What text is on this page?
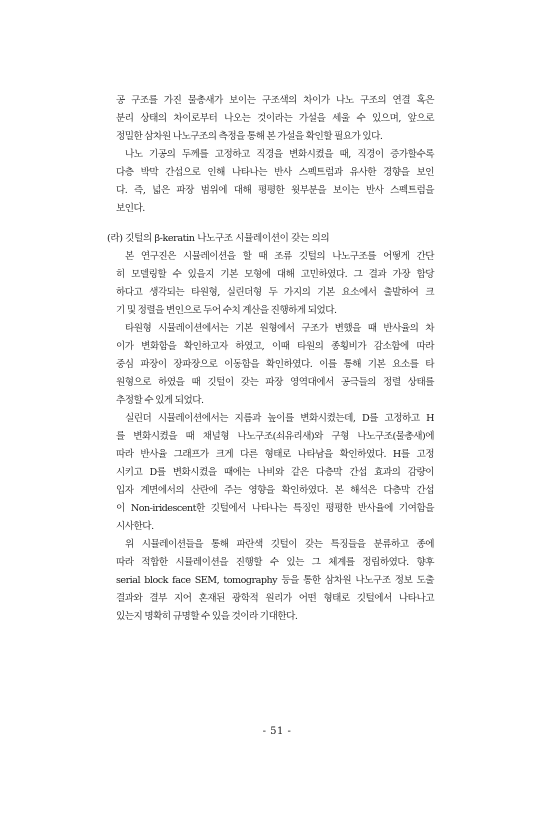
공 구조를 가진 물총새가 보이는 구조색의 차이가 나노 구조의 연결 혹은
분리 상태의 차이로부터 나오는 것이라는 가설을 세울 수 있으며, 앞으로
정밀한 삼차원 나노구조의 측정을 통해 본 가설을 확인할 필요가 있다.
나노 기공의 두께를 고정하고 직경을 변화시켰을 때, 직경이 증가할수록
다층 박막 간섭으로 인해 나타나는 반사 스펙트럼과 유사한 경향을 보인
다. 즉, 넓은 파장 범위에 대해 평평한 윗부분을 보이는 반사 스펙트럼을
보인다.
(라) 깃털의 β-keratin 나노구조 시뮬레이션이 갖는 의의
본 연구진은 시뮬레이션을 할 때 조류 깃털의 나노구조를 어떻게 간단
히 모델링할 수 있을지 기본 모형에 대해 고민하였다. 그 결과 가장 합당
하다고 생각되는 타원형, 실린더형 두 가지의 기본 요소에서 출발하여 크
기 및 정렬을 변인으로 두어 수치 계산을 진행하게 되었다.
타원형 시뮬레이션에서는 기본 원형에서 구조가 변했을 때 반사율의 차
이가 변화함을 확인하고자 하였고, 이때 타원의 종횡비가 감소함에 따라
중심 파장이 장파장으로 이동함을 확인하였다. 이를 통해 기본 요소를 타
원형으로 하였을 때 깃털이 갖는 파장 영역대에서 공극들의 정렬 상태를
추정할 수 있게 되었다.
실린더 시뮬레이션에서는 지름과 높이를 변화시켰는데, D를 고정하고 H
를 변화시켰을 때 채널형 나노구조(쇠유리새)와 구형 나노구조(물총새)에
따라 반사율 그래프가 크게 다른 형태로 나타남을 확인하였다. H를 고정
시키고 D를 변화시켰을 때에는 나비와 같은 다층막 간섭 효과의 감량이
입자 계면에서의 산란에 주는 영향을 확인하였다. 본 해석은 다층막 간섭
이 Non-iridescent한 깃털에서 나타나는 특징인 평평한 반사율에 기여함을
시사한다.
위 시뮬레이션들을 통해 파란색 깃털이 갖는 특징들을 분류하고 종에
따라 적합한 시뮬레이션을 진행할 수 있는 그 체계를 정립하였다. 향후
serial block face SEM, tomography 등을 통한 삼차원 나노구조 정보 도출
결과와 결부 지어 혼재된 광학적 원리가 어떤 형태로 깃털에서 나타나고
있는지 명확히 규명할 수 있을 것이라 기대한다.
- 51 -
